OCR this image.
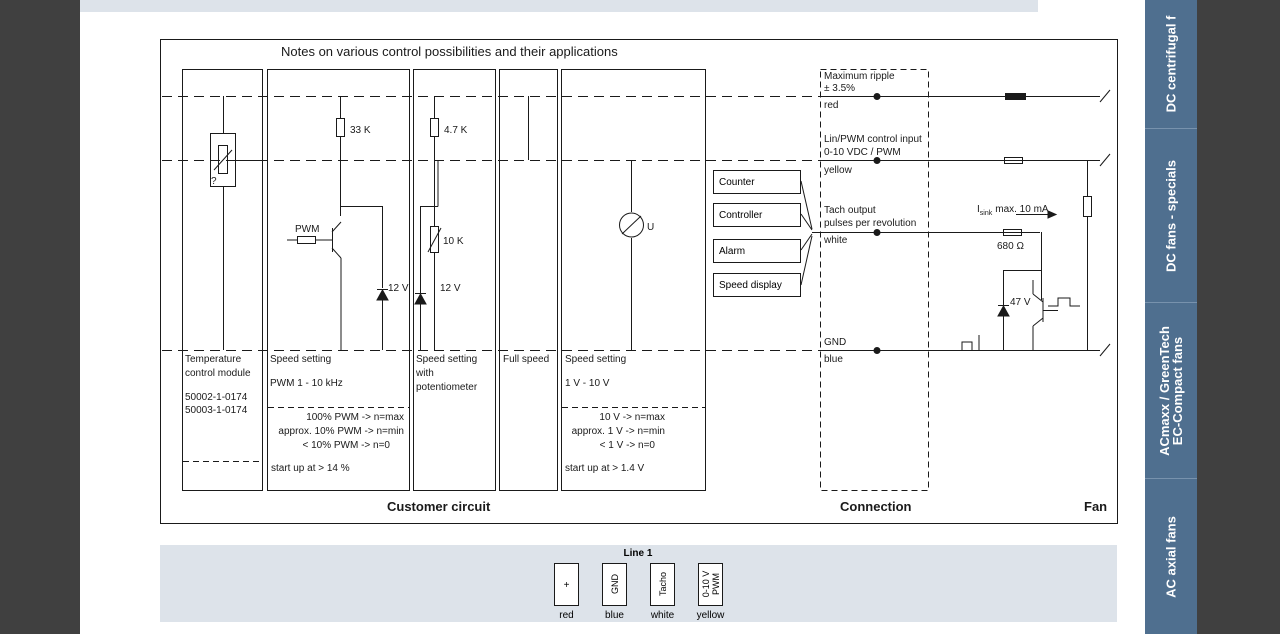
DC centrifugal f
DC fans - specials
ACmaxx / GreenTech EC-Compact fans
AC axial fans
Notes on various control possibilities and their applications
Customer circuit	Connection	Fan
Temperature
control module
50002-1-0174
50003-1-0174
?
Speed setting
PWM 1 - 10 kHz
33 K
PWM
12 V
100% PWM -> n=max
approx. 10% PWM -> n=min
< 10% PWM -> n=0
start up at > 14 %
Speed setting
with
potentiometer
4.7 K
10 K
12 V
Full speed Speed setting
1 V - 10 V
U
10 V -> n=max
approx. 1 V -> n=min
< 1 V -> n=0
start up at > 1.4 V
Maximum ripple
± 3.5%
red
Lin/PWM control input
0-10 VDC / PWM
yellow
Tach output
pulses per revolution
white
GND
blue
$I_{sink}$ max. 10 mA
680 Ω
47 V
Counter
Controller
Alarm
Speed display
Line 1
+
red
GND
blue
Tacho
white
0-10 V PWM
yellow
